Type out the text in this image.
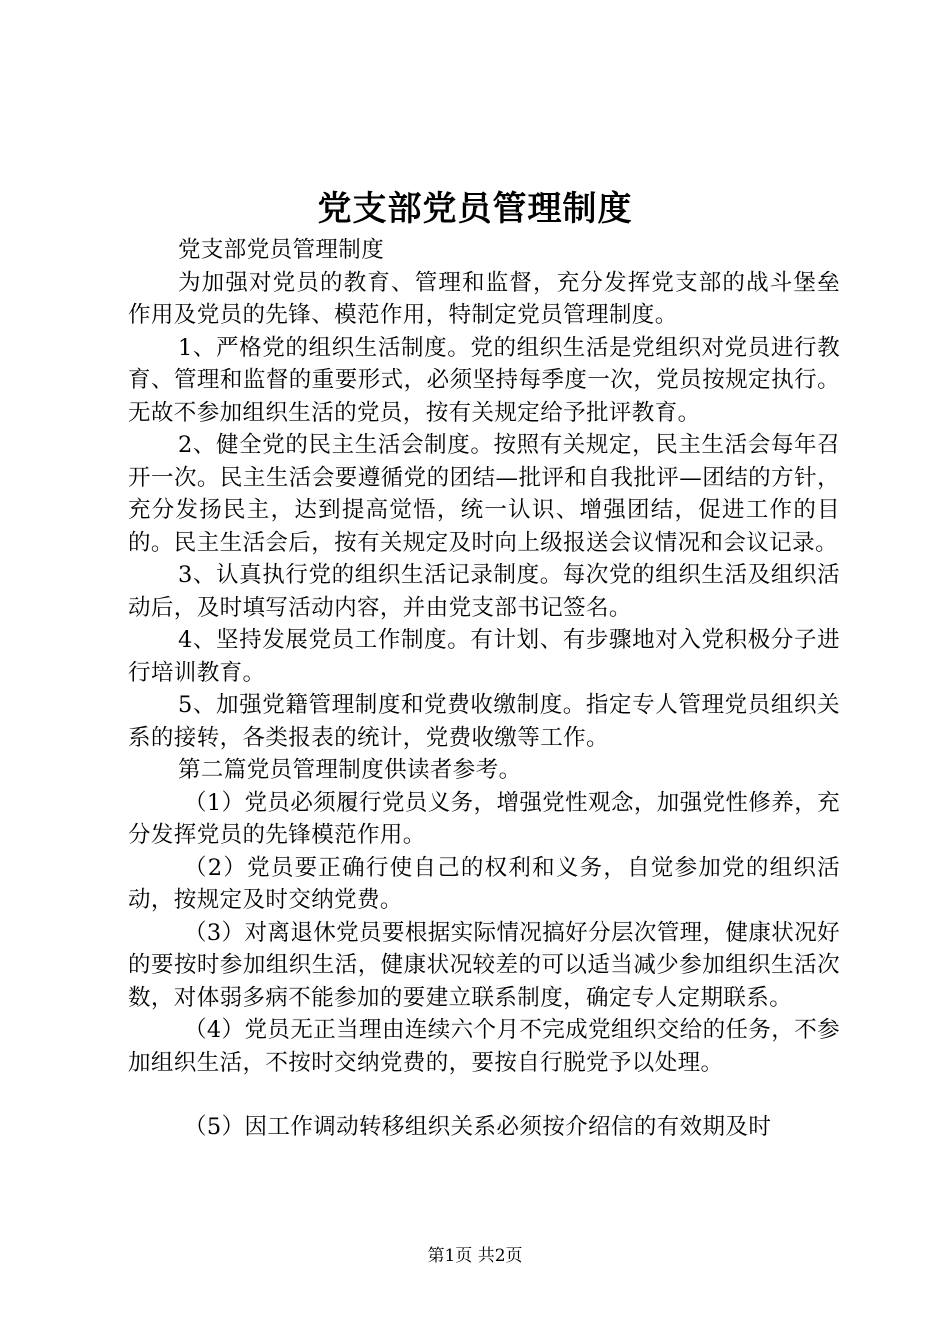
党支部党员管理制度

党支部党员管理制度

为加强对党员的教育、管理和监督，充分发挥党支部的战斗堡垒作用及党员的先锋、模范作用，特制定党员管理制度。

1、严格党的组织生活制度。党的组织生活是党组织对党员进行教育、管理和监督的重要形式，必须坚持每季度一次，党员按规定执行。无故不参加组织生活的党员，按有关规定给予批评教育。

2、健全党的民主生活会制度。按照有关规定，民主生活会每年召开一次。民主生活会要遵循党的团结—批评和自我批评—团结的方针，充分发扬民主，达到提高觉悟，统一认识、增强团结，促进工作的目的。民主生活会后，按有关规定及时向上级报送会议情况和会议记录。

3、认真执行党的组织生活记录制度。每次党的组织生活及组织活动后，及时填写活动内容，并由党支部书记签名。

4、坚持发展党员工作制度。有计划、有步骤地对入党积极分子进行培训教育。

5、加强党籍管理制度和党费收缴制度。指定专人管理党员组织关系的接转，各类报表的统计，党费收缴等工作。

第二篇党员管理制度供读者参考。

（1）党员必须履行党员义务，增强党性观念，加强党性修养，充分发挥党员的先锋模范作用。

（2）党员要正确行使自己的权利和义务，自觉参加党的组织活动，按规定及时交纳党费。

（3）对离退休党员要根据实际情况搞好分层次管理，健康状况好的要按时参加组织生活，健康状况较差的可以适当减少参加组织生活次数，对体弱多病不能参加的要建立联系制度，确定专人定期联系。

（4）党员无正当理由连续六个月不完成党组织交给的任务，不参加组织生活，不按时交纳党费的，要按自行脱党予以处理。

（5）因工作调动转移组织关系必须按介绍信的有效期及时

第1页 共2页
